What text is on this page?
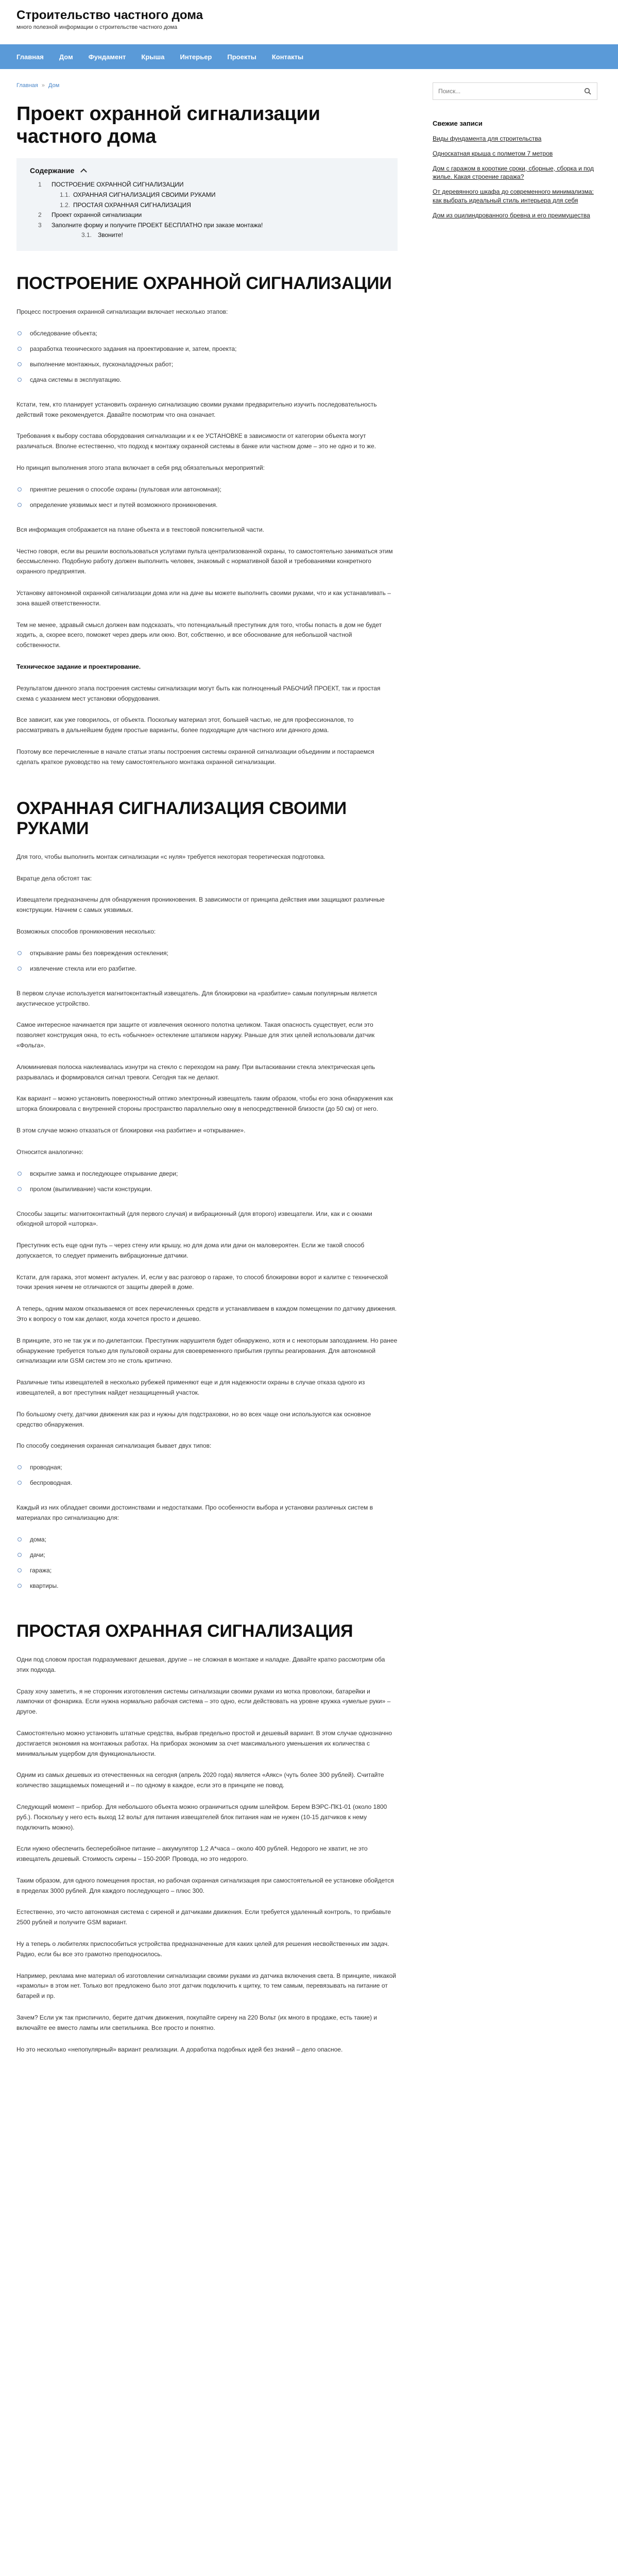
Строительство частного дома
много полезной информации о строительстве частного дома
Главная Дом Фундамент Крыша Интерьер Проекты Контакты
Главная » Дом
Проект охранной сигнализации частного дома
Содержание
1 ПОСТРОЕНИЕ ОХРАННОЙ СИГНАЛИЗАЦИИ
1.1. ОХРАННАЯ СИГНАЛИЗАЦИЯ СВОИМИ РУКАМИ
1.2. ПРОСТАЯ ОХРАННАЯ СИГНАЛИЗАЦИЯ
2 Проект охранной сигнализации
3 Заполните форму и получите ПРОЕКТ БЕСПЛАТНО при заказе монтажа!
3.1. Звоните!
ПОСТРОЕНИЕ ОХРАННОЙ СИГНАЛИЗАЦИИ

Процесс построения охранной сигнализации включает несколько этапов:

обследование объекта;
разработка технического задания на проектирование и, затем, проекта;
выполнение монтажных, пусконаладочных работ;
сдача системы в эксплуатацию.

Кстати, тем, кто планирует установить охранную сигнализацию своими руками предварительно изучить последовательность действий тоже рекомендуется. Давайте посмотрим что она означает.

Требования к выбору состава оборудования сигнализации и к ее УСТАНОВКЕ в зависимости от категории объекта могут различаться. Вполне естественно, что подход к монтажу охранной системы в банке или частном доме – это не одно и то же.

Но принцип выполнения этого этапа включает в себя ряд обязательных мероприятий:

принятие решения о способе охраны (пультовая или автономная);
определение уязвимых мест и путей возможного проникновения.

Вся информация отображается на плане объекта и в текстовой пояснительной части.

Честно говоря, если вы решили воспользоваться услугами пульта централизованной охраны, то самостоятельно заниматься этим бессмысленно. Подобную работу должен выполнить человек, знакомый с нормативной базой и требованиями конкретного охранного предприятия.

Установку автономной охранной сигнализации дома или на даче вы можете выполнить своими руками, что и как устанавливать – зона вашей ответственности.

Тем не менее, здравый смысл должен вам подсказать, что потенциальный преступник для того, чтобы попасть в дом не будет ходить, а, скорее всего, поможет через дверь или окно. Вот, собственно, и все обоснование для небольшой частной собственности.

Техническое задание и проектирование.

Результатом данного этапа построения системы сигнализации могут быть как полноценный РАБОЧИЙ ПРОЕКТ, так и простая схема с указанием мест установки оборудования.

Все зависит, как уже говорилось, от объекта. Поскольку материал этот, большей частью, не для профессионалов, то рассматривать в дальнейшем будем простые варианты, более подходящие для частного или дачного дома.

Поэтому все перечисленные в начале статьи этапы построения системы охранной сигнализации объединим и постараемся сделать краткое руководство на тему самостоятельного монтажа охранной сигнализации.

ОХРАННАЯ СИГНАЛИЗАЦИЯ СВОИМИ РУКАМИ

Для того, чтобы выполнить монтаж сигнализации «с нуля» требуется некоторая теоретическая подготовка.

Вкратце дела обстоят так:

Извещатели предназначены для обнаружения проникновения. В зависимости от принципа действия ими защищают различные конструкции. Начнем с самых уязвимых.

Возможных способов проникновения несколько:

открывание рамы без повреждения остекления;
извлечение стекла или его разбитие.

В первом случае используется магнитоконтактный извещатель. Для блокировки на «разбитие» самым популярным является акустическое устройство.

Самое интересное начинается при защите от извлечения оконного полотна целиком. Такая опасность существует, если это позволяет конструкция окна, то есть «обычное» остекление штапиком наружу. Раньше для этих целей использовали датчик «Фольга».

Алюминиевая полоска наклеивалась изнутри на стекло с переходом на раму. При вытаскивании стекла электрическая цепь разрывалась и формировался сигнал тревоги. Сегодня так не делают.

Как вариант – можно установить поверхностный оптико электронный извещатель таким образом, чтобы его зона обнаружения как шторка блокировала с внутренней стороны пространство параллельно окну в непосредственной близости (до 50 см) от него.

В этом случае можно отказаться от блокировки «на разбитие» и «открывание».

Относится аналогично:

вскрытие замка и последующее открывание двери;
пролом (выпиливание) части конструкции.

Способы защиты: магнитоконтактный (для первого случая) и вибрационный (для второго) извещатели. Или, как и с окнами обходной шторой «шторка».

Преступник есть еще одни путь – через стену или крышу, но для дома или дачи он маловероятен. Если же такой способ допускается, то следует применить вибрационные датчики.

Кстати, для гаража, этот момент актуален. И, если у вас разговор о гараже, то способ блокировки ворот и калитке с технической точки зрения ничем не отличаются от защиты дверей в доме.

А теперь, одним махом отказываемся от всех перечисленных средств и устанавливаем в каждом помещении по датчику движения. Это к вопросу о том как делают, когда хочется просто и дешево.

В принципе, это не так уж и по-дилетантски. Преступник нарушителя будет обнаружено, хотя и с некоторым запозданием. Но ранее обнаружение требуется только для пультовой охраны для своевременного прибытия группы реагирования. Для автономной сигнализации или GSM систем это не столь критично.

Различные типы извещателей в несколько рубежей применяют еще и для надежности охраны в случае отказа одного из извещателей, а вот преступник найдет незащищенный участок.

По большому счету, датчики движения как раз и нужны для подстраховки, но во всех чаще они используются как основное средство обнаружения.

По способу соединения охранная сигнализация бывает двух типов:

проводная;
беспроводная.

Каждый из них обладает своими достоинствами и недостатками. Про особенности выбора и установки различных систем в материалах про сигнализацию для:

дома;
дачи;
гаража;
квартиры.
ПРОСТАЯ ОХРАННАЯ СИГНАЛИЗАЦИЯ

Одни под словом простая подразумевают дешевая, другие – не сложная в монтаже и наладке. Давайте кратко рассмотрим оба этих подхода.

Сразу хочу заметить, я не сторонник изготовления системы сигнализации своими руками из мотка проволоки, батарейки и лампочки от фонарика. Если нужна нормально рабочая система – это одно, если действовать на уровне кружка «умелые руки» – другое.

Самостоятельно можно установить штатные средства, выбрав предельно простой и дешевый вариант. В этом случае однозначно достигается экономия на монтажных работах. На приборах экономим за счет максимального уменьшения их количества с минимальным ущербом для функциональности.

Одним из самых дешевых из отечественных на сегодня (апрель 2020 года) является «Аякс» (чуть более 300 рублей). Считайте количество защищаемых помещений и – по одному в каждое, если это в принципе не повод.

Следующий момент – прибор. Для небольшого объекта можно ограничиться одним шлейфом. Берем ВЭРС-ПК1-01 (около 1800 руб.). Поскольку у него есть выход 12 вольт для питания извещателей блок питания нам не нужен (10-15 датчиков к нему подключить можно).

Если нужно обеспечить бесперебойное питание – аккумулятор 1,2 А*часа – около 400 рублей. Недорого не хватит, не это извещатель дешевый. Стоимость сирены – 150-200Р. Провода, но это недорого.

Таким образом, для одного помещения простая, но рабочая охранная сигнализация при самостоятельной ее установке обойдется в пределах 3000 рублей. Для каждого последующего – плюс 300.

Естественно, это чисто автономная система с сиреной и датчиками движения. Если требуется удаленный контроль, то прибавьте 2500 рублей и получите GSM вариант.

Ну а теперь о любителях приспособиться устройства предназначенные для каких целей для решения несвойственных им задач. Радио, если бы все это грамотно преподносилось.

Например, реклама мне материал об изготовлении сигнализации своими руками из датчика включения света. В принципе, никакой «крамолы» в этом нет. Только вот предложено было этот датчик подключить к щитку, то тем самым, перевязывать на питание от батарей и пр.

Зачем? Если уж так приспичило, берите датчик движения, покупайте сирену на 220 Вольт (их много в продаже, есть такие) и включайте ее вместо лампы или светильника. Все просто и понятно.

Но это несколько «непопулярный» вариант реализации. А доработка подобных идей без знаний – дело опасное.

Поиск...
Свежие записи
Виды фундамента для строительства
Односкатная крыша с полметом 7 метров
Дом с гаражом в короткие сроки, сборные, сборка и под жилье. Какая строение гаража?
От деревянного шкафа до современного минимализма: как выбрать идеальный стиль интерьера для себя
Дом из оцилиндрованного бревна и его преимущества
